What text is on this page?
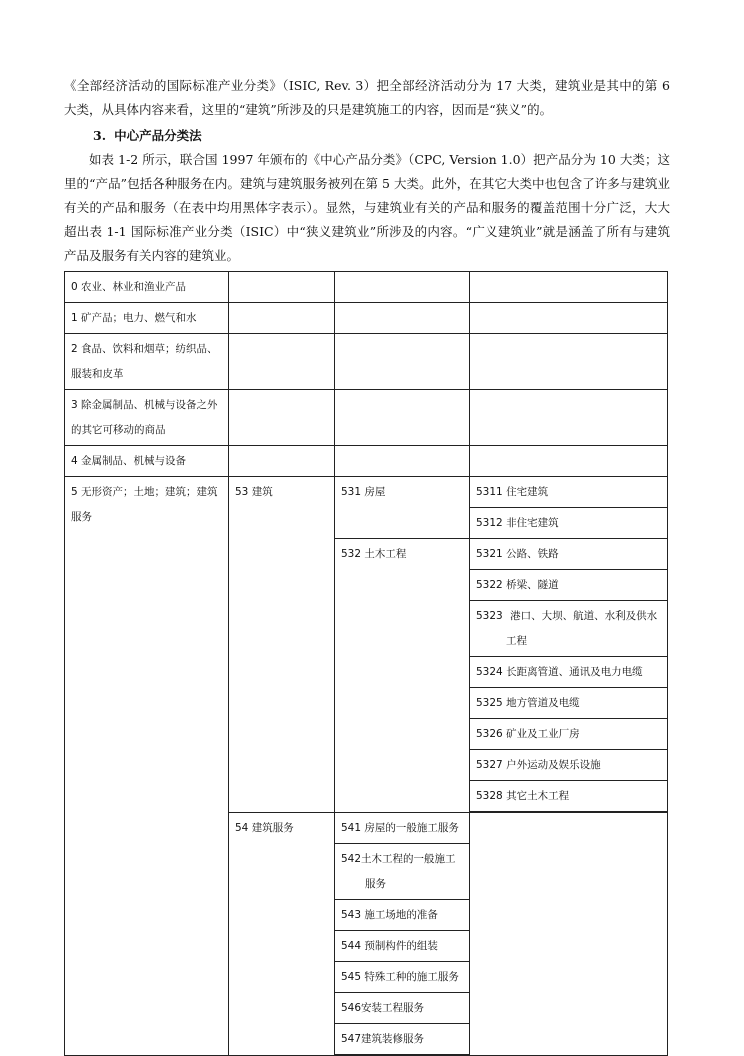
《全部经济活动的国际标准产业分类》（ISIC, Rev. 3）把全部经济活动分为 17 大类，建筑业是其中的第 6 大类，从具体内容来看，这里的“建筑”所涉及的只是建筑施工的内容，因而是“狭义”的。

3. 中心产品分类法

如表 1-2 所示，联合国 1997 年颁布的《中心产品分类》（CPC, Version 1.0）把产品分为 10 大类；这里的“产品”包括各种服务在内。建筑与建筑服务被列在第 5 大类。此外，在其它大类中也包含了许多与建筑业有关的产品和服务（在表中均用黑体字表示）。显然，与建筑业有关的产品和服务的覆盖范围十分广泛，大大超出表 1-1 国际标准产业分类（ISIC）中“狭义建筑业”所涉及的内容。“广义建筑业”就是涵盖了所有与建筑产品及服务有关内容的建筑业。

0 农业、林业和渔业产品			
1 矿产品；电力、燃气和水			
2 食品、饮料和烟草；纺织品、服装和皮革			
3 除金属制品、机械与设备之外的其它可移动的商品			
4 金属制品、机械与设备			
5 无形资产；土地；建筑；建筑服务	53 建筑	531 房屋	5311 住宅建筑
			5312 非住宅建筑
		532 土木工程	5321 公路、铁路
			5322 桥梁、隧道
			5323 港口、大坝、航道、水利及供水工程
			5324 长距离管道、通讯及电力电缆
			5325 地方管道及电缆
			5326 矿业及工业厂房
			5327 户外运动及娱乐设施
			5328 其它土木工程

	54 建筑服务	541 房屋的一般施工服务	
		542土木工程的一般施工服务	
		543 施工场地的准备	
		544 预制构件的组装	
		545 特殊工种的施工服务	
		546安装工程服务	
		547建筑装修服务	
